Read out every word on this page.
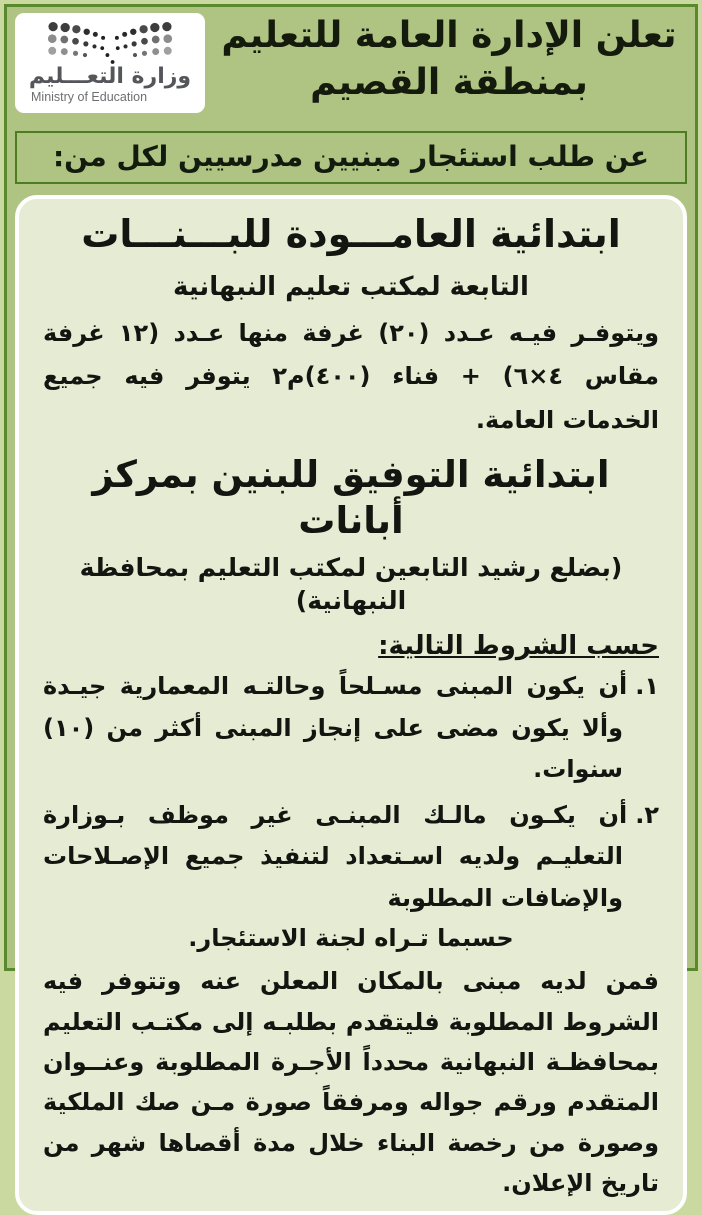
وزارة التعـــليم
Ministry of Education
تعلن الإدارة العامة للتعليم
بمنطقة القصيم
عن طلب استئجار مبنيين مدرسيين لكل من:
ابتدائية العامـــودة للبـــنـــات
التابعة لمكتب تعليم النبهانية
ويتوفـر فيـه عـدد (٢٠) غرفة منها عـدد (١٢ غرفة مقاس ٤×٦) + فناء (٤٠٠)م٢ يتوفر فيه جميع الخدمات العامة.
ابتدائية التوفيق للبنين بمركز أبانات
(بضلع رشيد التابعين لمكتب التعليم بمحافظة النبهانية)
حسب الشروط التالية:
١.أن يكون المبنى مسـلحاً وحالتـه المعمارية جيـدة وألا يكون مضى على إنجاز المبنى أكثر من (١٠) سنوات.
٢.أن يكـون مالـك المبنـى غير موظف بـوزارة التعليـم ولديه اسـتعداد لتنفيذ جميع الإصـلاحات والإضافات المطلوبة
حسبما تـراه لجنة الاستئجار.
فمن لديه مبنى بالمكان المعلن عنه وتتوفر فيه الشروط المطلوبة فليتقدم بطلبـه إلى مكتـب التعليم بمحافظـة النبهانية محدداً الأجـرة المطلوبة وعنــوان المتقدم ورقم جواله ومرفقاً صورة مـن صك الملكية وصورة من رخصة البناء خلال مدة أقصاها شهر من تاريخ الإعلان.
